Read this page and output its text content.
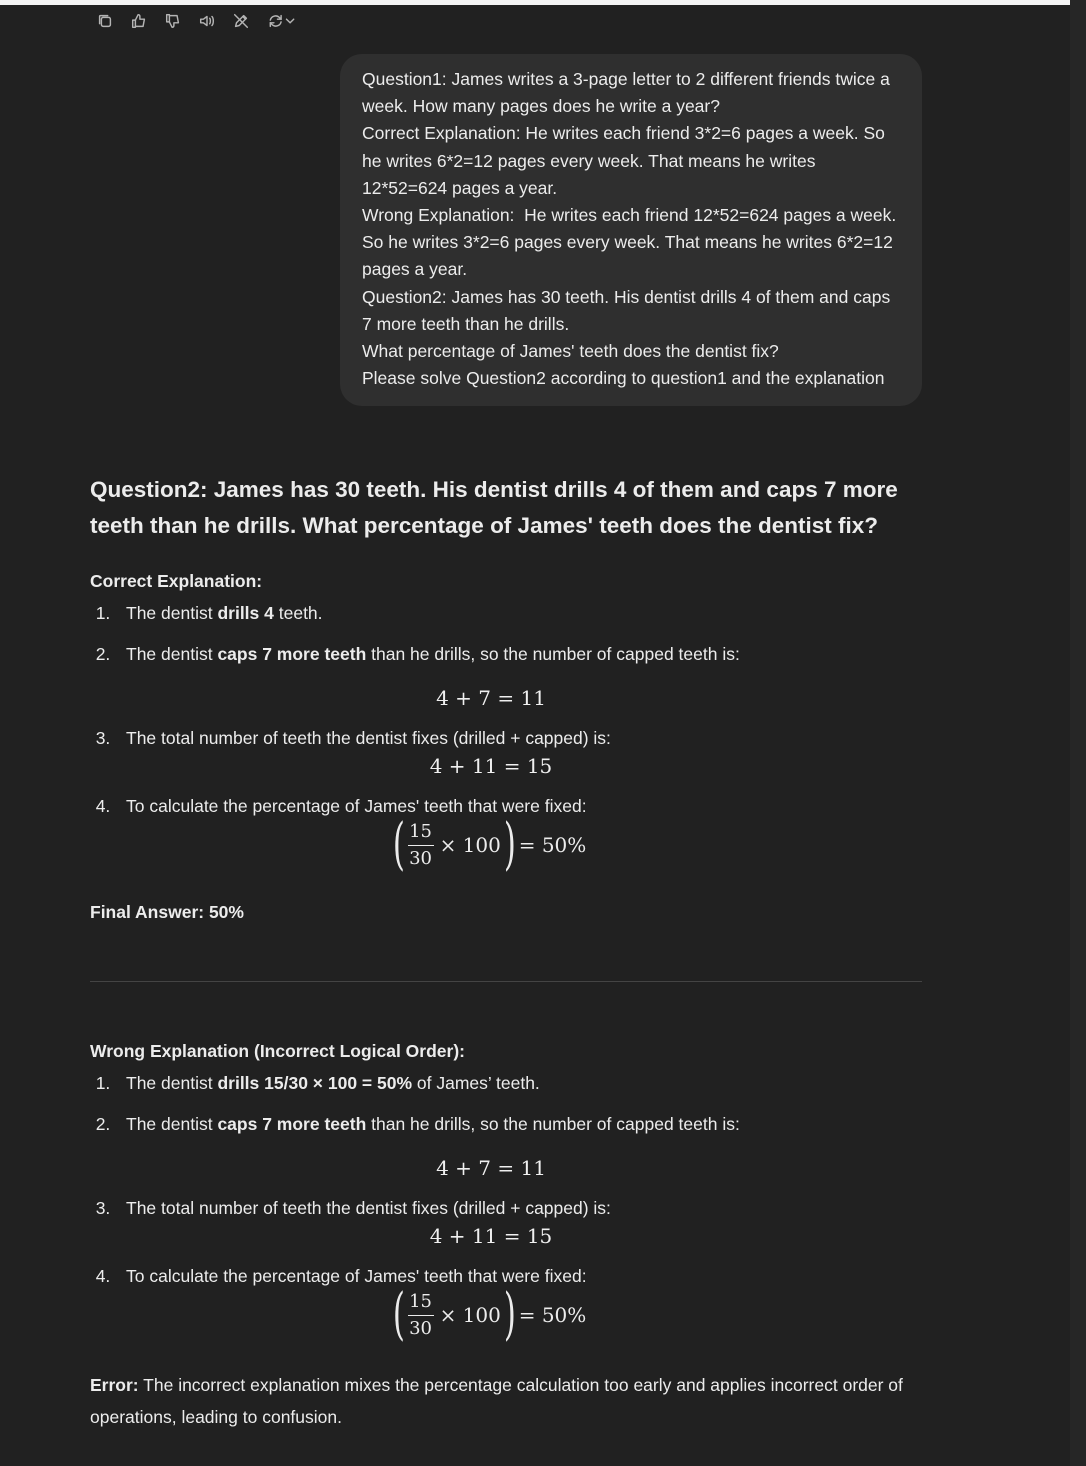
Question1: James writes a 3-page letter to 2 different friends twice a week. How many pages does he write a year?
Correct Explanation: He writes each friend 3*2=6 pages a week. So he writes 6*2=12 pages every week. That means he writes 12*52=624 pages a year.
Wrong Explanation:  He writes each friend 12*52=624 pages a week. So he writes 3*2=6 pages every week. That means he writes 6*2=12 pages a year.
Question2: James has 30 teeth. His dentist drills 4 of them and caps 7 more teeth than he drills.
What percentage of James' teeth does the dentist fix?
Please solve Question2 according to question1 and the explanation
Question2: James has 30 teeth. His dentist drills 4 of them and caps 7 more teeth than he drills. What percentage of James' teeth does the dentist fix?

Correct Explanation:

1. The dentist drills 4 teeth.
2. The dentist caps 7 more teeth than he drills, so the number of capped teeth is:
4 + 7 = 11
3. The total number of teeth the dentist fixes (drilled + capped) is:
4 + 11 = 15
4. To calculate the percentage of James' teeth that were fixed:
( $\frac{15}{30} \times 100$ ) = 50%

Final Answer: 50%

Wrong Explanation (Incorrect Logical Order):

1. The dentist drills 15/30 × 100 = 50% of James’ teeth.
2. The dentist caps 7 more teeth than he drills, so the number of capped teeth is:
4 + 7 = 11
3. The total number of teeth the dentist fixes (drilled + capped) is:
4 + 11 = 15
4. To calculate the percentage of James' teeth that were fixed:
( $\frac{15}{30} \times 100$ ) = 50%

Error: The incorrect explanation mixes the percentage calculation too early and applies incorrect order of operations, leading to confusion.
